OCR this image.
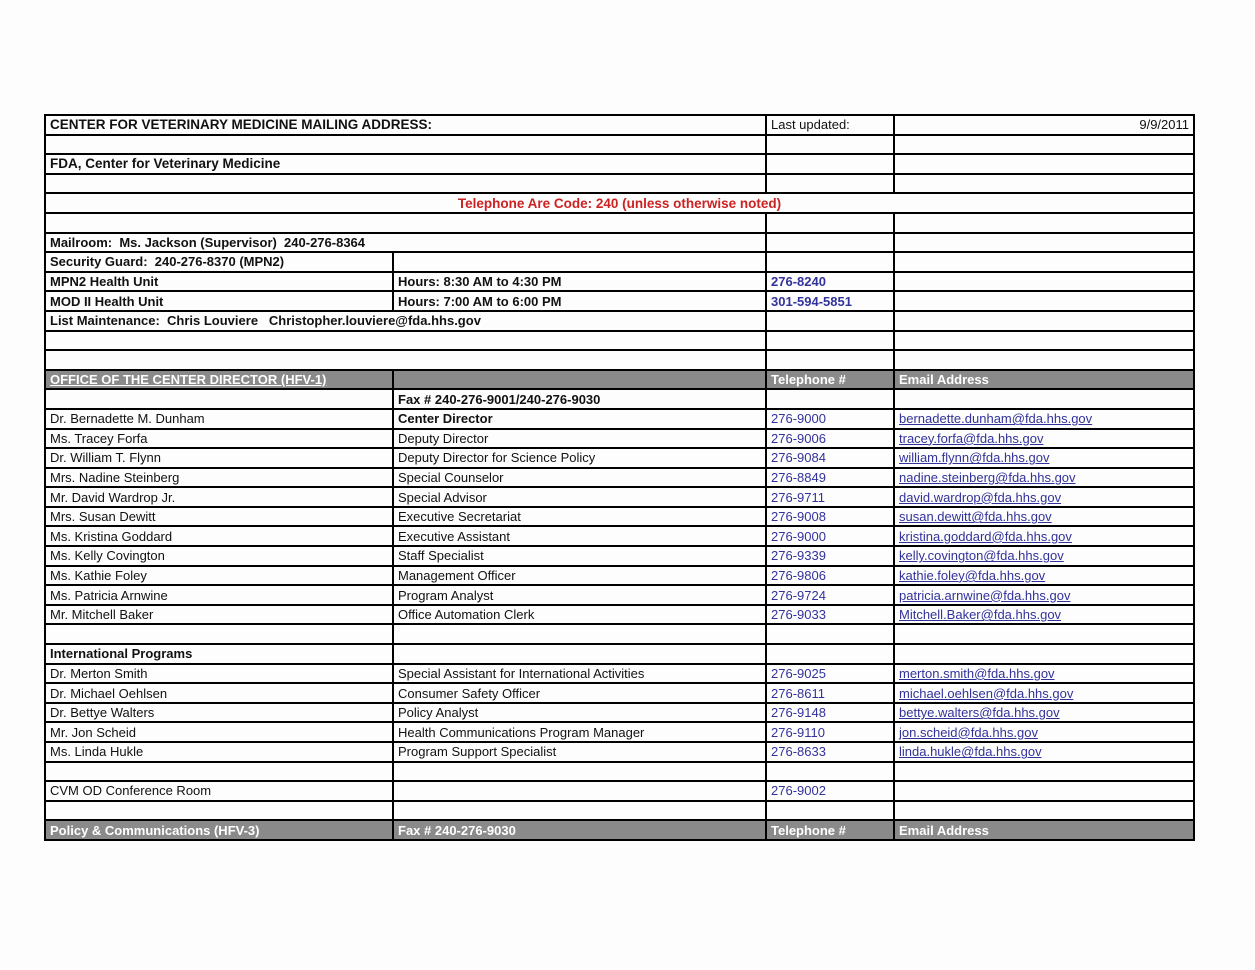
CENTER FOR VETERINARY MEDICINE MAILING ADDRESS:		Last updated:	9/9/2011

FDA, Center for Veterinary Medicine			

Telephone Are Code: 240 (unless otherwise noted)			

Mailroom:  Ms. Jackson (Supervisor)  240-276-8364			
Security Guard:  240-276-8370 (MPN2)			
MPN2 Health Unit	Hours: 8:30 AM to 4:30 PM	276-8240	
MOD II Health Unit	Hours: 7:00 AM to 6:00 PM	301-594-5851	
List Maintenance:  Chris Louviere   Christopher.louviere@fda.hhs.gov			

OFFICE OF THE CENTER DIRECTOR (HFV-1)		Telephone #	Email Address
	Fax # 240-276-9001/240-276-9030		
Dr. Bernadette M. Dunham	Center Director	276-9000	bernadette.dunham@fda.hhs.gov
Ms. Tracey Forfa	Deputy Director	276-9006	tracey.forfa@fda.hhs.gov
Dr. William T. Flynn	Deputy Director for Science Policy	276-9084	william.flynn@fda.hhs.gov
Mrs. Nadine Steinberg	Special Counselor	276-8849	nadine.steinberg@fda.hhs.gov
Mr. David Wardrop Jr.	Special Advisor	276-9711	david.wardrop@fda.hhs.gov
Mrs. Susan Dewitt	Executive Secretariat	276-9008	susan.dewitt@fda.hhs.gov
Ms. Kristina Goddard	Executive Assistant	276-9000	kristina.goddard@fda.hhs.gov
Ms. Kelly Covington	Staff Specialist	276-9339	kelly.covington@fda.hhs.gov
Ms. Kathie Foley	Management Officer	276-9806	kathie.foley@fda.hhs.gov
Ms. Patricia Arnwine	Program Analyst	276-9724	patricia.arnwine@fda.hhs.gov
Mr. Mitchell Baker	Office Automation Clerk	276-9033	Mitchell.Baker@fda.hhs.gov

International Programs			
Dr. Merton Smith	Special Assistant for International Activities	276-9025	merton.smith@fda.hhs.gov
Dr. Michael Oehlsen	Consumer Safety Officer	276-8611	michael.oehlsen@fda.hhs.gov
Dr. Bettye Walters	Policy Analyst	276-9148	bettye.walters@fda.hhs.gov
Mr. Jon Scheid	Health Communications Program Manager	276-9110	jon.scheid@fda.hhs.gov
Ms. Linda Hukle	Program Support Specialist	276-8633	linda.hukle@fda.hhs.gov

CVM OD Conference Room		276-9002	

Policy & Communications (HFV-3)	Fax # 240-276-9030	Telephone #	Email Address
